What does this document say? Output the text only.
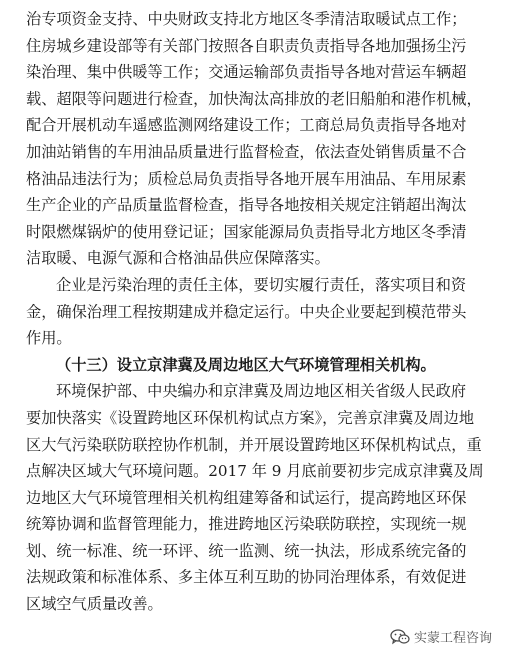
治专项资金支持、中央财政支持北方地区冬季清洁取暖试点工作；
住房城乡建设部等有关部门按照各自职责负责指导各地加强扬尘污
染治理、集中供暖等工作；交通运输部负责指导各地对营运车辆超
载、超限等问题进行检查，加快淘汰高排放的老旧船舶和港作机械，
配合开展机动车遥感监测网络建设工作；工商总局负责指导各地对
加油站销售的车用油品质量进行监督检查，依法查处销售质量不合
格油品违法行为；质检总局负责指导各地开展车用油品、车用尿素
生产企业的产品质量监督检查，指导各地按相关规定注销超出淘汰
时限燃煤锅炉的使用登记证；国家能源局负责指导北方地区冬季清
洁取暖、电源气源和合格油品供应保障落实。
企业是污染治理的责任主体，要切实履行责任，落实项目和资
金，确保治理工程按期建成并稳定运行。中央企业要起到模范带头
作用。
（十三）设立京津冀及周边地区大气环境管理相关机构。
环境保护部、中央编办和京津冀及周边地区相关省级人民政府
要加快落实《设置跨地区环保机构试点方案》，完善京津冀及周边地
区大气污染联防联控协作机制，并开展设置跨地区环保机构试点，重
点解决区域大气环境问题。2017 年 9 月底前要初步完成京津冀及周
边地区大气环境管理相关机构组建筹备和试运行，提高跨地区环保
统筹协调和监督管理能力，推进跨地区污染联防联控，实现统一规
划、统一标准、统一环评、统一监测、统一执法，形成系统完备的
法规政策和标准体系、多主体互利互助的协同治理体系，有效促进
区域空气质量改善。
实蒙工程咨询
